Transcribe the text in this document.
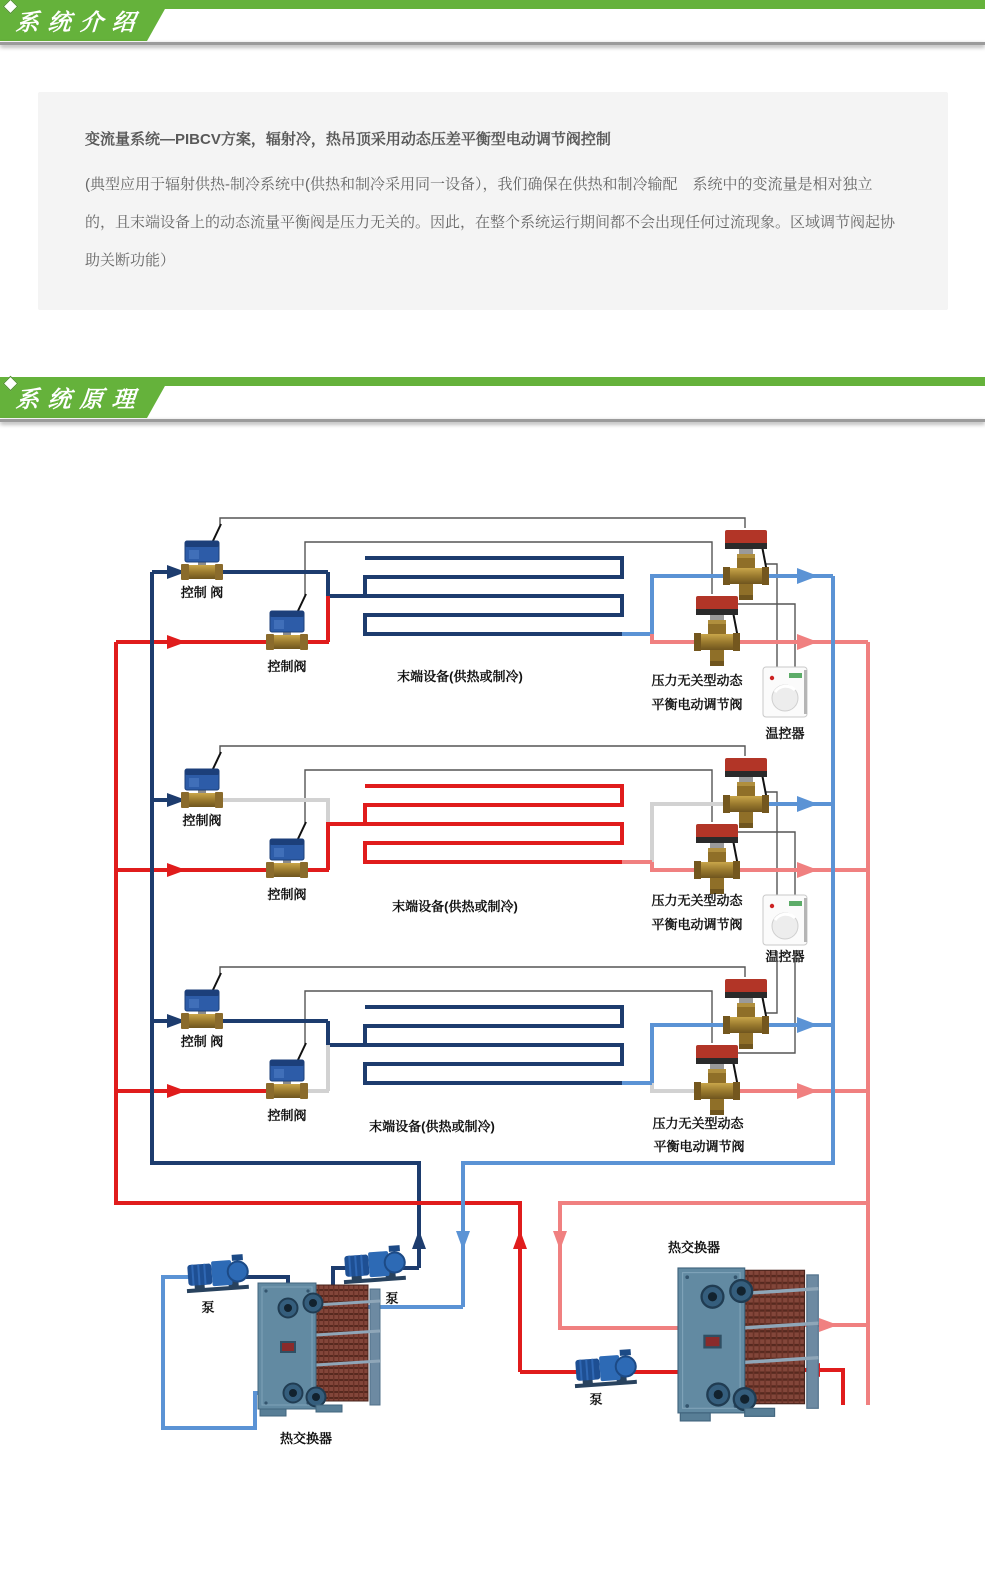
系统介绍
变流量系统—PIBCV方案，辐射冷，热吊顶采用动态压差平衡型电动调节阀控制

(典型应用于辐射供热-制冷系统中(供热和制冷采用同一设备），我们确保在供热和制冷输配　系统中的变流量是相对独立的，且末端设备上的动态流量平衡阀是压力无关的。因此，在整个系统运行期间都不会出现任何过流现象。区域调节阀起协助关断功能）

系统原理
控制 阀
控制阀
末端设备(供热或制冷)	压力无关型动态
平衡电动调节阀
温控器
控制阀
控制阀
末端设备(供热或制冷)	压力无关型动态
平衡电动调节阀
温控器
控制 阀
控制阀
末端设备(供热或制冷)	压力无关型动态
平衡电动调节阀
泵
泵
泵
热交换器
热交换器
